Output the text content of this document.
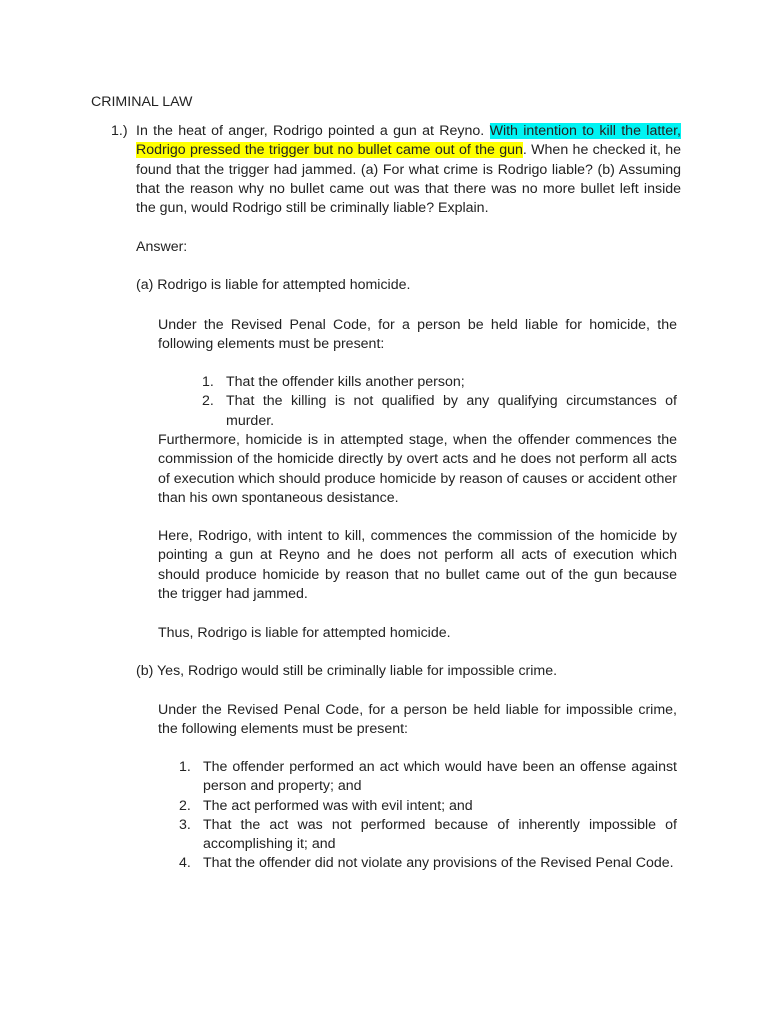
CRIMINAL LAW
1.) In the heat of anger, Rodrigo pointed a gun at Reyno. With intention to kill the latter, Rodrigo pressed the trigger but no bullet came out of the gun. When he checked it, he found that the trigger had jammed. (a) For what crime is Rodrigo liable? (b) Assuming that the reason why no bullet came out was that there was no more bullet left inside the gun, would Rodrigo still be criminally liable? Explain.
Answer:
(a) Rodrigo is liable for attempted homicide.
Under the Revised Penal Code, for a person be held liable for homicide, the following elements must be present:
1. That the offender kills another person;
2. That the killing is not qualified by any qualifying circumstances of murder.
Furthermore, homicide is in attempted stage, when the offender commences the commission of the homicide directly by overt acts and he does not perform all acts of execution which should produce homicide by reason of causes or accident other than his own spontaneous desistance.
Here, Rodrigo, with intent to kill, commences the commission of the homicide by pointing a gun at Reyno and he does not perform all acts of execution which should produce homicide by reason that no bullet came out of the gun because the trigger had jammed.
Thus, Rodrigo is liable for attempted homicide.
(b) Yes, Rodrigo would still be criminally liable for impossible crime.
Under the Revised Penal Code, for a person be held liable for impossible crime, the following elements must be present:
1. The offender performed an act which would have been an offense against person and property; and
2. The act performed was with evil intent; and
3. That the act was not performed because of inherently impossible of accomplishing it; and
4. That the offender did not violate any provisions of the Revised Penal Code.
